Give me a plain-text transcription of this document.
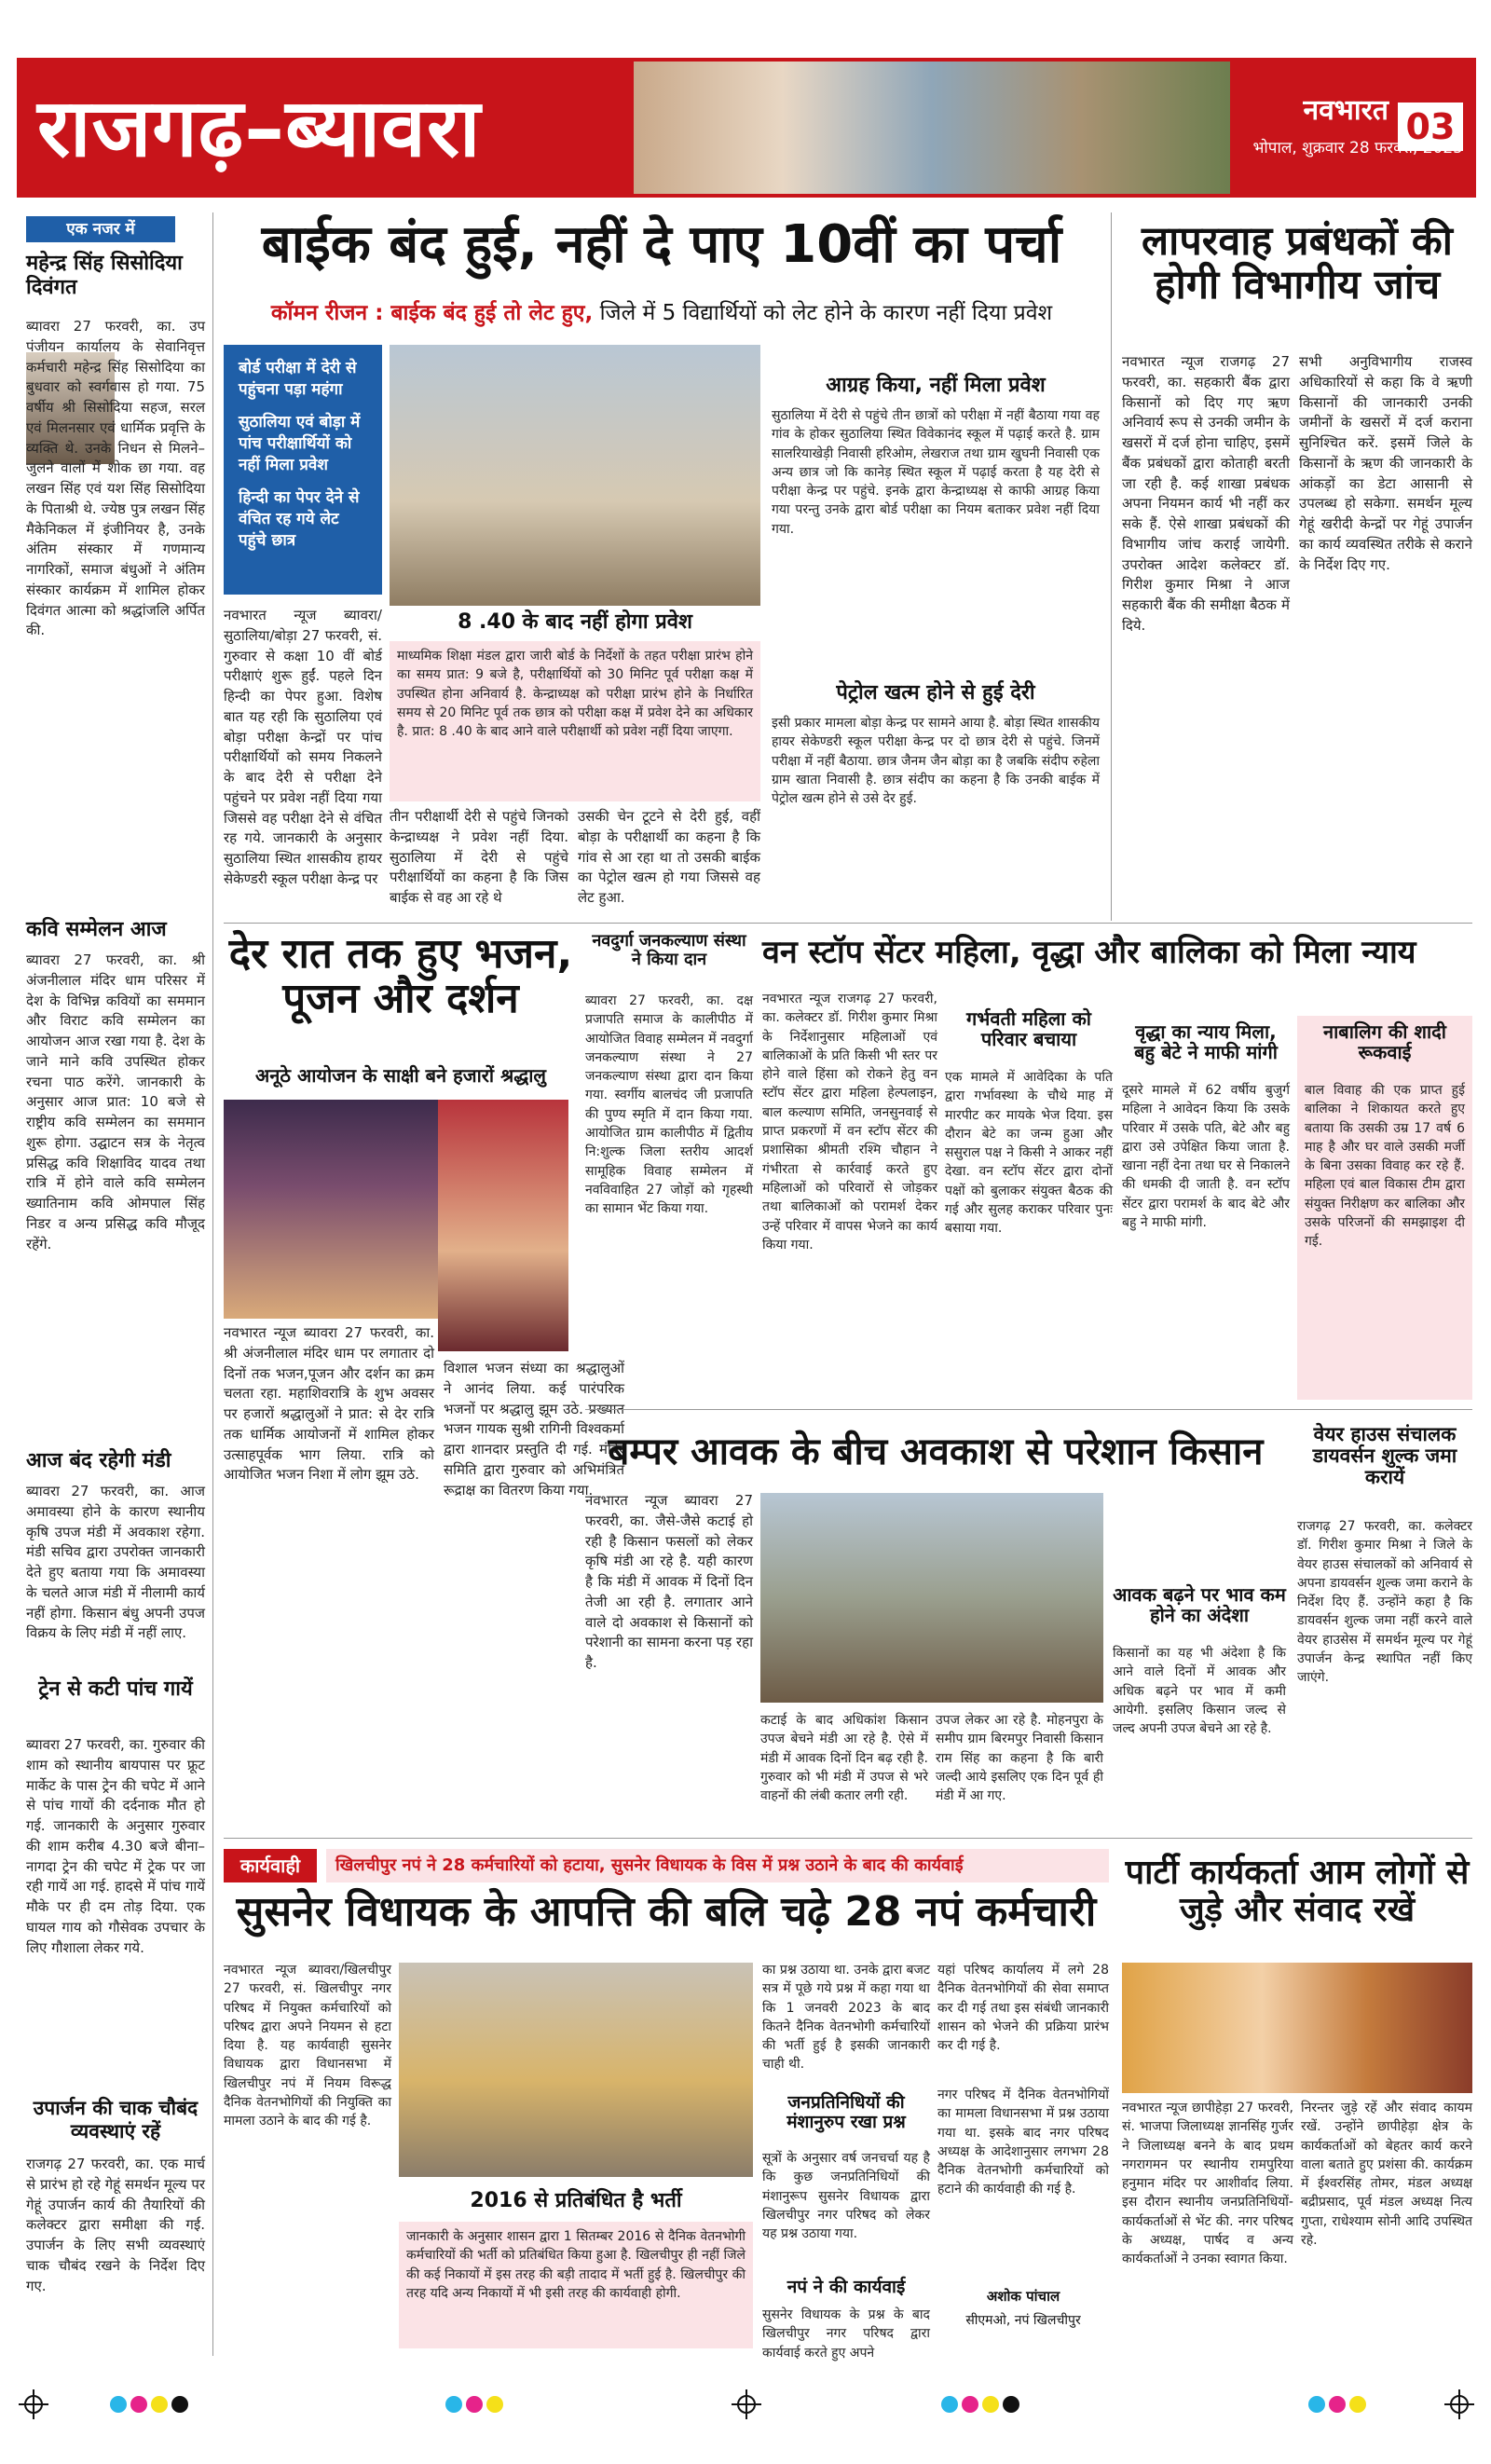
राजगढ़–ब्यावरा	नवभारत 03
भोपाल, शुक्रवार 28 फरवरी, 2025
एक नजर में
महेन्द्र सिंह सिसोदिया दिवंगत
ब्यावरा 27 फरवरी, का. उप पंजीयन कार्यालय के सेवानिवृत्त कर्मचारी महेन्द्र सिंह सिसोदिया का बुधवार को स्वर्गवास हो गया. 75 वर्षीय श्री सिसोदिया सहज, सरल एवं मिलनसार एवं धार्मिक प्रवृत्ति के व्यक्ति थे. उनके निधन से मिलने–जुलने वालों में शोक छा गया. वह लखन सिंह एवं यश सिंह सिसोदिया के पिताश्री थे. ज्येष्ठ पुत्र लखन सिंह मैकेनिकल में इंजीनियर है, उनके अंतिम संस्कार में गणमान्य नागरिकों, समाज बंधुओं ने अंतिम संस्कार कार्यक्रम में शामिल होकर दिवंगत आत्मा को श्रद्धांजलि अर्पित की.
कवि सम्मेलन आज
ब्यावरा 27 फरवरी, का. श्री अंजनीलाल मंदिर धाम परिसर में देश के विभिन्न कवियों का सममान और विराट कवि सम्मेलन का आयोजन आज रखा गया है. देश के जाने माने कवि उपस्थित होकर रचना पाठ करेंगे. जानकारी के अनुसार आज प्रात: 10 बजे से राष्ट्रीय कवि सम्मेलन का सममान शुरू होगा. उद्घाटन सत्र के नेतृत्व प्रसिद्ध कवि शिक्षाविद यादव तथा रात्रि में होने वाले कवि सम्मेलन ख्यातिनाम कवि ओमपाल सिंह निडर व अन्य प्रसिद्ध कवि मौजूद रहेंगे.
आज बंद रहेगी मंडी
ब्यावरा 27 फरवरी, का. आज अमावस्या होने के कारण स्थानीय कृषि उपज मंडी में अवकाश रहेगा. मंडी सचिव द्वारा उपरोक्त जानकारी देते हुए बताया गया कि अमावस्या के चलते आज मंडी में नीलामी कार्य नहीं होगा. किसान बंधु अपनी उपज विक्रय के लिए मंडी में नहीं लाए.
ट्रेन से कटी पांच गायें
ब्यावरा 27 फरवरी, का. गुरुवार की शाम को स्थानीय बायपास पर फ्रूट मार्केट के पास ट्रेन की चपेट में आने से पांच गायों की दर्दनाक मौत हो गई. जानकारी के अनुसार गुरुवार की शाम करीब 4.30 बजे बीना–नागदा ट्रेन की चपेट में ट्रेक पर जा रही गायें आ गई. हादसे में पांच गायें मौके पर ही दम तोड़ दिया. एक घायल गाय को गौसेवक उपचार के लिए गौशाला लेकर गये.
उपार्जन की चाक चौबंद व्यवस्थाएं रहें
राजगढ़ 27 फरवरी, का. एक मार्च से प्रारंभ हो रहे गेहूं समर्थन मूल्य पर गेहूं उपार्जन कार्य की तैयारियों की कलेक्टर द्वारा समीक्षा की गई. उपार्जन के लिए सभी व्यवस्थाएं चाक चौबंद रखने के निर्देश दिए गए.
बाईक बंद हुई, नहीं दे पाए 10वीं का पर्चा
कॉमन रीजन : बाईक बंद हुई तो लेट हुए, जिले में 5 विद्यार्थियों को लेट होने के कारण नहीं दिया प्रवेश
बोर्ड परीक्षा में देरी से पहुंचना पड़ा महंगा
सुठालिया एवं बोड़ा में पांच परीक्षार्थियों को नहीं मिला प्रवेश
हिन्दी का पेपर देने से वंचित रह गये लेट पहुंचे छात्र
8 .40 के बाद नहीं होगा प्रवेश
माध्यमिक शिक्षा मंडल द्वारा जारी बोर्ड के निर्देशों के तहत परीक्षा प्रारंभ होने का समय प्रात: 9 बजे है, परीक्षार्थियों को 30 मिनिट पूर्व परीक्षा कक्ष में उपस्थित होना अनिवार्य है. केन्द्राध्यक्ष को परीक्षा प्रारंभ होने के निर्धारित समय से 20 मिनिट पूर्व तक छात्र को परीक्षा कक्ष में प्रवेश देने का अधिकार है. प्रात: 8 .40 के बाद आने वाले परीक्षार्थी को प्रवेश नहीं दिया जाएगा.
नवभारत न्यूज ब्यावरा/सुठालिया/बोड़ा 27 फरवरी, सं. गुरुवार से कक्षा 10 वीं बोर्ड परीक्षाएं शुरू हुईं. पहले दिन हिन्दी का पेपर हुआ. विशेष बात यह रही कि सुठालिया एवं बोड़ा परीक्षा केन्द्रों पर पांच परीक्षार्थियों को समय निकलने के बाद देरी से परीक्षा देने पहुंचने पर प्रवेश नहीं दिया गया जिससे वह परीक्षा देने से वंचित रह गये. जानकारी के अनुसार सुठालिया स्थित शासकीय हायर सेकेण्डरी स्कूल परीक्षा केन्द्र पर
तीन परीक्षार्थी देरी से पहुंचे जिनको केन्द्राध्यक्ष ने प्रवेश नहीं दिया. सुठालिया में देरी से पहुंचे परीक्षार्थियों का कहना है कि जिस बाईक से वह आ रहे थे
उसकी चेन टूटने से देरी हुई, वहीं बोड़ा के परीक्षार्थी का कहना है कि गांव से आ रहा था तो उसकी बाईक का पेट्रोल खत्म हो गया जिससे वह लेट हुआ.
आग्रह किया, नहीं मिला प्रवेश
सुठालिया में देरी से पहुंचे तीन छात्रों को परीक्षा में नहीं बैठाया गया वह गांव के होकर सुठालिया स्थित विवेकानंद स्कूल में पढ़ाई करते है. ग्राम सालरियाखेड़ी निवासी हरिओम, लेखराज तथा ग्राम खुघनी निवासी एक अन्य छात्र जो कि कानेड़ स्थित स्कूल में पढ़ाई करता है यह देरी से परीक्षा केन्द्र पर पहुंचे. इनके द्वारा केन्द्राध्यक्ष से काफी आग्रह किया गया परन्तु उनके द्वारा बोर्ड परीक्षा का नियम बताकर प्रवेश नहीं दिया गया.
पेट्रोल खत्म होने से हुई देरी
इसी प्रकार मामला बोड़ा केन्द्र पर सामने आया है. बोड़ा स्थित शासकीय हायर सेकेण्डरी स्कूल परीक्षा केन्द्र पर दो छात्र देरी से पहुंचे. जिनमें परीक्षा में नहीं बैठाया. छात्र जैनम जैन बोड़ा का है जबकि संदीप रुहेला ग्राम खाता निवासी है. छात्र संदीप का कहना है कि उनकी बाईक में पेट्रोल खत्म होने से उसे देर हुई.
लापरवाह प्रबंधकों की होगी विभागीय जांच
नवभारत न्यूज राजगढ़ 27 फरवरी, का. सहकारी बैंक द्वारा किसानों को दिए गए ऋण अनिवार्य रूप से उनकी जमीन के खसरों में दर्ज होना चाहिए, इसमें बैंक प्रबंधकों द्वारा कोताही बरती जा रही है. कई शाखा प्रबंधक अपना नियमन कार्य भी नहीं कर सके हैं. ऐसे शाखा प्रबंधकों की विभागीय जांच कराई जायेगी. उपरोक्त आदेश कलेक्टर डॉ. गिरीश कुमार मिश्रा ने आज सहकारी बैंक की समीक्षा बैठक में दिये.
सभी अनुविभागीय राजस्व अधिकारियों से कहा कि वे ऋणी किसानों की जानकारी उनकी जमीनों के खसरों में दर्ज कराना सुनिश्चित करें. इसमें जिले के किसानों के ऋण की जानकारी के आंकड़ों का डेटा आसानी से उपलब्ध हो सकेगा. समर्थन मूल्य गेहूं खरीदी केन्द्रों पर गेहूं उपार्जन का कार्य व्यवस्थित तरीके से कराने के निर्देश दिए गए.
देर रात तक हुए भजन, पूजन और दर्शन
अनूठे आयोजन के साक्षी बने हजारों श्रद्धालु
नवभारत न्यूज ब्यावरा 27 फरवरी, का. श्री अंजनीलाल मंदिर धाम पर लगातार दो दिनों तक भजन,पूजन और दर्शन का क्रम चलता रहा. महाशिवरात्रि के शुभ अवसर पर हजारों श्रद्धालुओं ने प्रात: से देर रात्रि तक धार्मिक आयोजनों में शामिल होकर उत्साहपूर्वक भाग लिया. रात्रि को आयोजित भजन निशा में लोग झूम उठे.
विशाल भजन संध्या का श्रद्धालुओं ने आनंद लिया. कई पारंपरिक भजनों पर श्रद्धालु झूम उठे. प्रख्यात भजन गायक सुश्री रागिनी विश्वकर्मा द्वारा शानदार प्रस्तुति दी गई. मंदिर समिति द्वारा गुरुवार को अभिमंत्रित रूद्राक्ष का वितरण किया गया.
नवदुर्गा जनकल्याण संस्था ने किया दान
ब्यावरा 27 फरवरी, का. दक्ष प्रजापति समाज के कालीपीठ में आयोजित विवाह सम्मेलन में नवदुर्गा जनकल्याण संस्था ने 27 जनकल्याण संस्था द्वारा दान किया गया. स्वर्गीय बालचंद जी प्रजापति की पुण्य स्मृति में दान किया गया. आयोजित ग्राम कालीपीठ में द्वितीय नि:शुल्क जिला स्तरीय आदर्श सामूहिक विवाह सम्मेलन में नवविवाहित 27 जोड़ों को गृहस्थी का सामान भेंट किया गया.
वन स्टॉप सेंटर महिला, वृद्धा और बालिका को मिला न्याय
नवभारत न्यूज राजगढ़ 27 फरवरी, का. कलेक्टर डॉ. गिरीश कुमार मिश्रा के निर्देशानुसार महिलाओं एवं बालिकाओं के प्रति किसी भी स्तर पर होने वाले हिंसा को रोकने हेतु वन स्टॉप सेंटर द्वारा महिला हेल्पलाइन, बाल कल्याण समिति, जनसुनवाई से प्राप्त प्रकरणों में वन स्टॉप सेंटर की प्रशासिका श्रीमती रश्मि चौहान ने गंभीरता से कार्रवाई करते हुए महिलाओं को परिवारों से जोड़कर तथा बालिकाओं को परामर्श देकर उन्हें परिवार में वापस भेजने का कार्य किया गया.
गर्भवती महिला को परिवार बचाया
एक मामले में आवेदिका के पति द्वारा गर्भावस्था के चौथे माह में मारपीट कर मायके भेज दिया. इस दौरान बेटे का जन्म हुआ और ससुराल पक्ष ने किसी ने आकर नहीं देखा. वन स्टॉप सेंटर द्वारा दोनों पक्षों को बुलाकर संयुक्त बैठक की गई और सुलह कराकर परिवार पुनः बसाया गया.
वृद्धा का न्याय मिला, बहु बेटे ने माफी मांगी
दूसरे मामले में 62 वर्षीय बुजुर्ग महिला ने आवेदन किया कि उसके परिवार में उसके पति, बेटे और बहु द्वारा उसे उपेक्षित किया जाता है. खाना नहीं देना तथा घर से निकालने की धमकी दी जाती है. वन स्टॉप सेंटर द्वारा परामर्श के बाद बेटे और बहु ने माफी मांगी.
नाबालिग की शादी रूकवाई
बाल विवाह की एक प्राप्त हुई बालिका ने शिकायत करते हुए बताया कि उसकी उम्र 17 वर्ष 6 माह है और घर वाले उसकी मर्जी के बिना उसका विवाह कर रहे हैं. महिला एवं बाल विकास टीम द्वारा संयुक्त निरीक्षण कर बालिका और उसके परिजनों की समझाइश दी गई.
बम्पर आवक के बीच अवकाश से परेशान किसान
नवभारत न्यूज ब्यावरा 27 फरवरी, का. जैसे-जैसे कटाई हो रही है किसान फसलों को लेकर कृषि मंडी आ रहे है. यही कारण है कि मंडी में आवक में दिनों दिन तेजी आ रही है. लगातार आने वाले दो अवकाश से किसानों को परेशानी का सामना करना पड़ रहा है.
कटाई के बाद अधिकांश किसान उपज बेचने मंडी आ रहे है. ऐसे में मंडी में आवक दिनों दिन बढ़ रही है. गुरुवार को भी मंडी में उपज से भरे वाहनों की लंबी कतार लगी रही.
उपज लेकर आ रहे है. मोहनपुरा के समीप ग्राम बिरमपुर निवासी किसान राम सिंह का कहना है कि बारी जल्दी आये इसलिए एक दिन पूर्व ही मंडी में आ गए.
आवक बढ़ने पर भाव कम होने का अंदेशा
किसानों का यह भी अंदेशा है कि आने वाले दिनों में आवक और अधिक बढ़ने पर भाव में कमी आयेगी. इसलिए किसान जल्द से जल्द अपनी उपज बेचने आ रहे है.
वेयर हाउस संचालक डायवर्सन शुल्क जमा करायें
राजगढ़ 27 फरवरी, का. कलेक्टर डॉ. गिरीश कुमार मिश्रा ने जिले के वेयर हाउस संचालकों को अनिवार्य से अपना डायवर्सन शुल्क जमा कराने के निर्देश दिए हैं. उन्होंने कहा है कि डायवर्सन शुल्क जमा नहीं करने वाले वेयर हाउसेस में समर्थन मूल्य पर गेहूं उपार्जन केन्द्र स्थापित नहीं किए जाएंगे.
कार्यवाही	खिलचीपुर नपं ने 28 कर्मचारियों को हटाया, सुसनेर विधायक के विस में प्रश्न उठाने के बाद की कार्यवाई
सुसनेर विधायक के आपत्ति की बलि चढ़े 28 नपं कर्मचारी
नवभारत न्यूज ब्यावरा/खिलचीपुर 27 फरवरी, सं. खिलचीपुर नगर परिषद में नियुक्त कर्मचारियों को परिषद द्वारा अपने नियमन से हटा दिया है. यह कार्यवाही सुसनेर विधायक द्वारा विधानसभा में खिलचीपुर नपं में नियम विरूद्ध दैनिक वेतनभोगियों की नियुक्ति का मामला उठाने के बाद की गई है.
2016 से प्रतिबंधित है भर्ती
जानकारी के अनुसार शासन द्वारा 1 सितम्बर 2016 से दैनिक वेतनभोगी कर्मचारियों की भर्ती को प्रतिबंधित किया हुआ है. खिलचीपुर ही नहीं जिले की कई निकायों में इस तरह की बड़ी तादाद में भर्ती हुई है. खिलचीपुर की तरह यदि अन्य निकायों में भी इसी तरह की कार्यवाही होगी.
का प्रश्न उठाया था. उनके द्वारा बजट सत्र में पूछे गये प्रश्न में कहा गया था कि 1 जनवरी 2023 के बाद कितने दैनिक वेतनभोगी कर्मचारियों की भर्ती हुई है इसकी जानकारी चाही थी.
जनप्रतिनिधियों की मंशानुरुप रखा प्रश्न
सूत्रों के अनुसार वर्ष जनचर्चा यह है कि कुछ जनप्रतिनिधियों की मंशानुरूप सुसनेर विधायक द्वारा खिलचीपुर नगर परिषद को लेकर यह प्रश्न उठाया गया.
नपं ने की कार्यवाई
सुसनेर विधायक के प्रश्न के बाद खिलचीपुर नगर परिषद द्वारा कार्यवाई करते हुए अपने
यहां परिषद कार्यालय में लगे 28 दैनिक वेतनभोगियों की सेवा समाप्त कर दी गई तथा इस संबंधी जानकारी शासन को भेजने की प्रक्रिया प्रारंभ कर दी गई है.
नगर परिषद में दैनिक वेतनभोगियों का मामला विधानसभा में प्रश्न उठाया गया था. इसके बाद नगर परिषद अध्यक्ष के आदेशानुसार लगभग 28 दैनिक वेतनभोगी कर्मचारियों को हटाने की कार्यवाही की गई है.
अशोक पांचाल
सीएमओ, नपं खिलचीपुर
पार्टी कार्यकर्ता आम लोगों से जुड़े और संवाद रखें
नवभारत न्यूज छापीहेड़ा 27 फरवरी, सं. भाजपा जिलाध्यक्ष ज्ञानसिंह गुर्जर ने जिलाध्यक्ष बनने के बाद प्रथम नगरागमन पर स्थानीय रामपुरिया हनुमान मंदिर पर आशीर्वाद लिया. इस दौरान स्थानीय जनप्रतिनिधियों-कार्यकर्ताओं से भेंट की. नगर परिषद के अध्यक्ष, पार्षद व अन्य कार्यकर्ताओं ने उनका स्वागत किया.
निरन्तर जुड़े रहें और संवाद कायम रखें. उन्होंने छापीहेड़ा क्षेत्र के कार्यकर्ताओं को बेहतर कार्य करने वाला बताते हुए प्रशंसा की. कार्यक्रम में ईश्वरसिंह तोमर, मंडल अध्यक्ष बद्रीप्रसाद, पूर्व मंडल अध्यक्ष नित्य गुप्ता, राधेश्याम सोनी आदि उपस्थित रहे.
